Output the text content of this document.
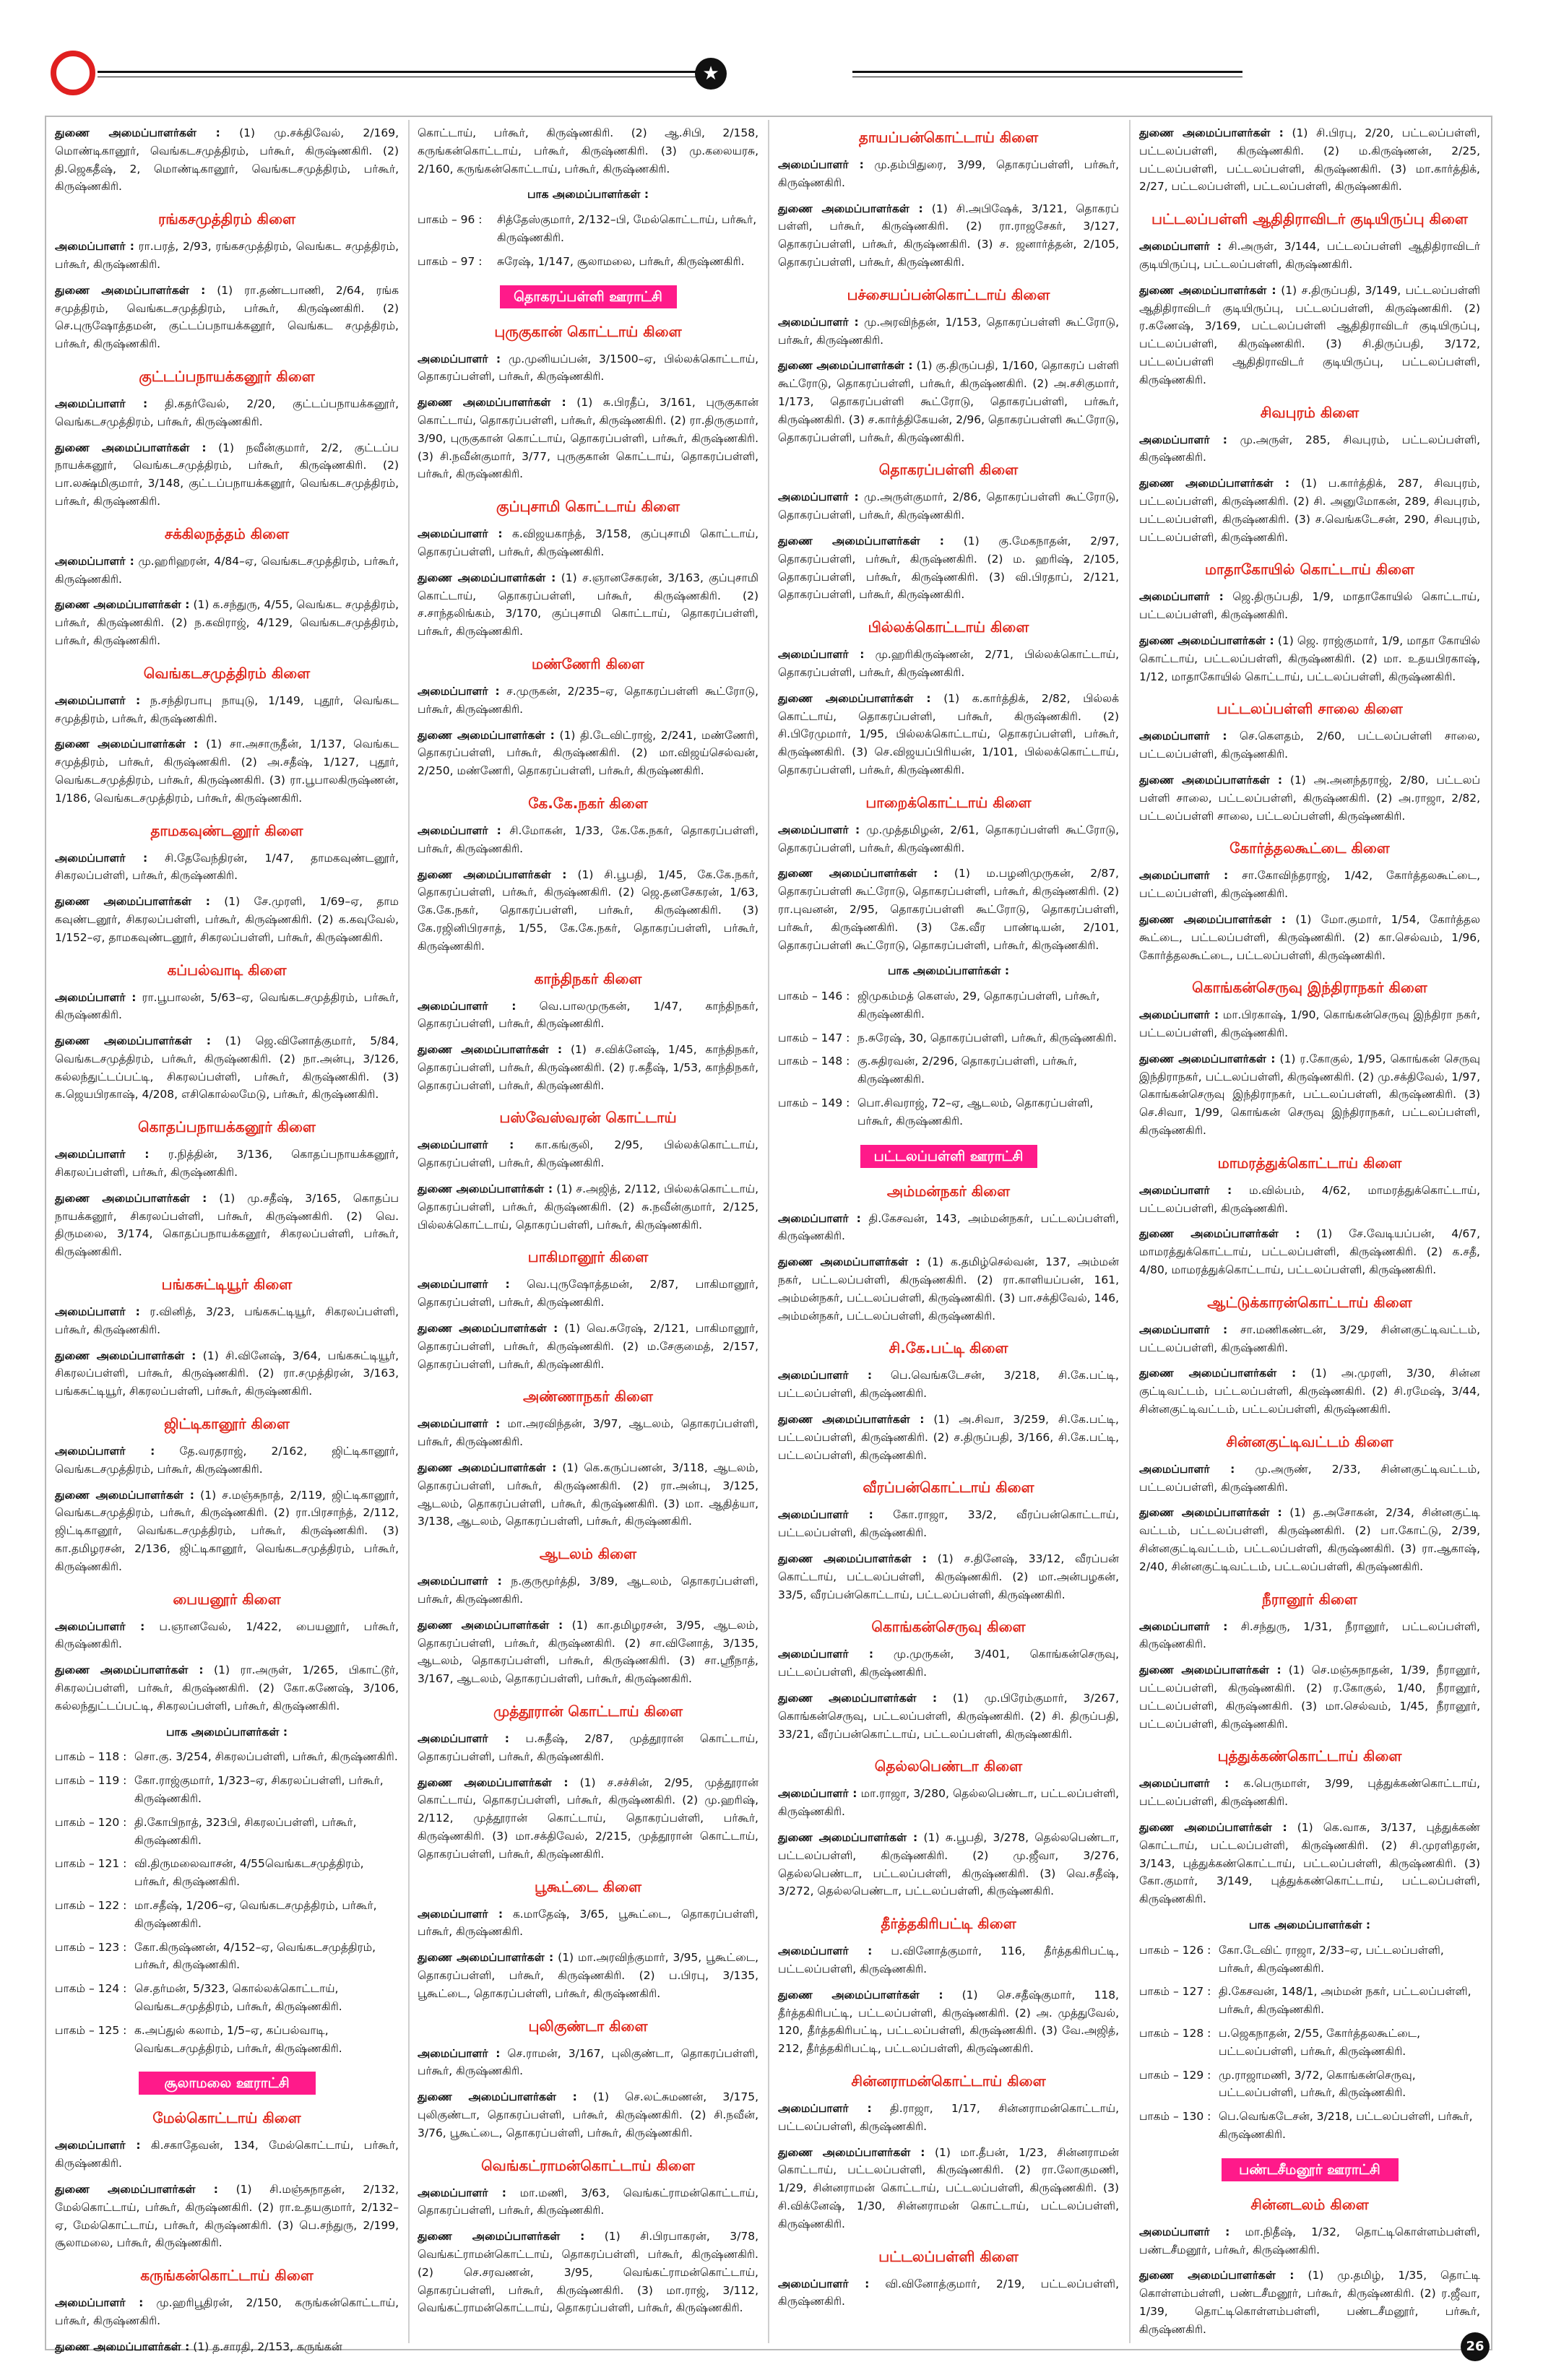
★

துணை அமைப்பாளர்கள் : (1) மு.சக்திவேல், 2/169, மொண்டிகானூர், வெங்கடசமுத்திரம், பர்கூர், கிருஷ்ணகிரி. (2) தி.ஜெகதீஷ், 2, மொண்டிகானூர், வெங்கடசமுத்திரம், பர்கூர், கிருஷ்ணகிரி.

ரங்கசமுத்திரம் கிளை

அமைப்பாளர் : ரா.பரத், 2/93, ரங்கசமுத்திரம், வெங்கட சமுத்திரம், பர்கூர், கிருஷ்ணகிரி.

துணை அமைப்பாளர்கள் : (1) ரா.தண்டபாணி, 2/64, ரங்க சமுத்திரம், வெங்கடசமுத்திரம், பர்கூர், கிருஷ்ணகிரி. (2) செ.புருஷோத்தமன், குட்டப்பநாயக்கனூர், வெங்கட சமுத்திரம், பர்கூர், கிருஷ்ணகிரி.

குட்டப்பநாயக்கனூர் கிளை

அமைப்பாளர் : தி.கதர்வேல், 2/20, குட்டப்பநாயக்கனூர், வெங்கடசமுத்திரம், பர்கூர், கிருஷ்ணகிரி.

துணை அமைப்பாளர்கள் : (1) நவீன்குமார், 2/2, குட்டப்ப நாயக்கனூர், வெங்கடசமுத்திரம், பர்கூர், கிருஷ்ணகிரி. (2) பா.லக்ஷ்மிகுமார், 3/148, குட்டப்பநாயக்கனூர், வெங்கடசமுத்திரம், பர்கூர், கிருஷ்ணகிரி.

சக்கிலநத்தம் கிளை

அமைப்பாளர் : மு.ஹரிஹரன், 4/84–ஏ, வெங்கடசமுத்திரம், பர்கூர், கிருஷ்ணகிரி.

துணை அமைப்பாளர்கள் : (1) க.சந்துரு, 4/55, வெங்கட சமுத்திரம், பர்கூர், கிருஷ்ணகிரி. (2) ந.கவிராஜ், 4/129, வெங்கடசமுத்திரம், பர்கூர், கிருஷ்ணகிரி.

வெங்கடசமுத்திரம் கிளை

அமைப்பாளர் : ந.சந்திரபாபு நாயுடு, 1/149, புதூர், வெங்கட சமுத்திரம், பர்கூர், கிருஷ்ணகிரி.

துணை அமைப்பாளர்கள் : (1) சா.அசாருதீன், 1/137, வெங்கட சமுத்திரம், பர்கூர், கிருஷ்ணகிரி. (2) அ.சதீஷ், 1/127, புதூர், வெங்கடசமுத்திரம், பர்கூர், கிருஷ்ணகிரி. (3) ரா.பூபாலகிருஷ்ணன், 1/186, வெங்கடசமுத்திரம், பர்கூர், கிருஷ்ணகிரி.

தாமகவுண்டனூர் கிளை

அமைப்பாளர் : சி.தேவேந்திரன், 1/47, தாமகவுண்டனூர், சிகரலப்பள்ளி, பர்கூர், கிருஷ்ணகிரி.

துணை அமைப்பாளர்கள் : (1) சே.முரளி, 1/69–ஏ, தாம கவுண்டனூர், சிகரலப்பள்ளி, பர்கூர், கிருஷ்ணகிரி. (2) க.கவுவேல், 1/152–ஏ, தாமகவுண்டனூர், சிகரலப்பள்ளி, பர்கூர், கிருஷ்ணகிரி.

கப்பல்வாடி கிளை

அமைப்பாளர் : ரா.பூபாலன், 5/63–ஏ, வெங்கடசமுத்திரம், பர்கூர், கிருஷ்ணகிரி.

துணை அமைப்பாளர்கள் : (1) ஜெ.வினோத்குமார், 5/84, வெங்கடசமுத்திரம், பர்கூர், கிருஷ்ணகிரி. (2) நா.அன்பு, 3/126, கல்லந்துட்டப்பட்டி, சிகரலப்பள்ளி, பர்கூர், கிருஷ்ணகிரி. (3) க.ஜெயபிரகாஷ், 4/208, எசிகொல்லமேடு, பர்கூர், கிருஷ்ணகிரி.

கொதப்பநாயக்கனூர் கிளை

அமைப்பாளர் : ர.நித்தின், 3/136, கொதப்பநாயக்கனூர், சிகரலப்பள்ளி, பர்கூர், கிருஷ்ணகிரி.

துணை அமைப்பாளர்கள் : (1) மு.சதீஷ், 3/165, கொதப்ப நாயக்கனூர், சிகரலப்பள்ளி, பர்கூர், கிருஷ்ணகிரி. (2) வெ. திருமலை, 3/174, கொதப்பநாயக்கனூர், சிகரலப்பள்ளி, பர்கூர், கிருஷ்ணகிரி.

பங்கசுட்டியூர் கிளை

அமைப்பாளர் : ர.வினித், 3/23, பங்கசுட்டியூர், சிகரலப்பள்ளி, பர்கூர், கிருஷ்ணகிரி.

துணை அமைப்பாளர்கள் : (1) சி.வினேஷ், 3/64, பங்கசுட்டியூர், சிகரலப்பள்ளி, பர்கூர், கிருஷ்ணகிரி. (2) ரா.சமுத்திரன், 3/163, பங்கசுட்டியூர், சிகரலப்பள்ளி, பர்கூர், கிருஷ்ணகிரி.

ஜிட்டிகானூர் கிளை

அமைப்பாளர் : தே.வரதராஜ், 2/162, ஜிட்டிகானூர், வெங்கடசமுத்திரம், பர்கூர், கிருஷ்ணகிரி.

துணை அமைப்பாளர்கள் : (1) ச.மஞ்சுநாத், 2/119, ஜிட்டிகானூர், வெங்கடசமுத்திரம், பர்கூர், கிருஷ்ணகிரி. (2) ரா.பிரசாந்த், 2/112, ஜிட்டிகானூர், வெங்கடசமுத்திரம், பர்கூர், கிருஷ்ணகிரி. (3) கா.தமிழரசன், 2/136, ஜிட்டிகானூர், வெங்கடசமுத்திரம், பர்கூர், கிருஷ்ணகிரி.

பையனூர் கிளை

அமைப்பாளர் : ப.ஞானவேல், 1/422, பையனூர், பர்கூர், கிருஷ்ணகிரி.

துணை அமைப்பாளர்கள் : (1) ரா.அருள், 1/265, பிகாட்டூர், சிகரலப்பள்ளி, பர்கூர், கிருஷ்ணகிரி. (2) கோ.கணேஷ், 3/106, கல்லந்துட்டப்பட்டி, சிகரலப்பள்ளி, பர்கூர், கிருஷ்ணகிரி.

பாக அமைப்பாளர்கள் :
பாகம் – 118 : சொ.கு. 3/254, சிகரலப்பள்ளி, பர்கூர், கிருஷ்ணகிரி.
பாகம் – 119 : கோ.ராஜ்குமார், 1/323–ஏ, சிகரலப்பள்ளி, பர்கூர், கிருஷ்ணகிரி.
பாகம் – 120 : தி.கோபிநாத், 323பி, சிகரலப்பள்ளி, பர்கூர், கிருஷ்ணகிரி.
பாகம் – 121 : வி.திருமலைவாசன், 4/55வெங்கடசமுத்திரம், பர்கூர், கிருஷ்ணகிரி.
பாகம் – 122 : மா.சதீஷ், 1/206–ஏ, வெங்கடசமுத்திரம், பர்கூர், கிருஷ்ணகிரி.
பாகம் – 123 : கோ.கிருஷ்ணன், 4/152–ஏ, வெங்கடசமுத்திரம், பர்கூர், கிருஷ்ணகிரி.
பாகம் – 124 : செ.தர்மன், 5/323, கொல்லக்கொட்டாய், வெங்கடசமுத்திரம், பர்கூர், கிருஷ்ணகிரி.
பாகம் – 125 : க.அப்துல் கலாம், 1/5–ஏ, கப்பல்வாடி, வெங்கடசமுத்திரம், பர்கூர், கிருஷ்ணகிரி.
சூலாமலை ஊராட்சி
மேல்கொட்டாய் கிளை

அமைப்பாளர் : கி.சகாதேவன், 134, மேல்கொட்டாய், பர்கூர், கிருஷ்ணகிரி.

துணை அமைப்பாளர்கள் : (1) சி.மஞ்சுநாதன், 2/132, மேல்கொட்டாய், பர்கூர், கிருஷ்ணகிரி. (2) ரா.உதயகுமார், 2/132–ஏ, மேல்கொட்டாய், பர்கூர், கிருஷ்ணகிரி. (3) பெ.சந்துரு, 2/199, சூலாமலை, பர்கூர், கிருஷ்ணகிரி.

கருங்கன்கொட்டாய் கிளை

அமைப்பாளர் : மு.ஹரிபூதிரன், 2/150, கருங்கன்கொட்டாய், பர்கூர், கிருஷ்ணகிரி.

துணை அமைப்பாளர்கள் : (1) த.சாரதி, 2/153, கருங்கன்

கொட்டாய், பர்கூர், கிருஷ்ணகிரி. (2) ஆ.சிபி, 2/158, கருங்கன்கொட்டாய், பர்கூர், கிருஷ்ணகிரி. (3) மு.கலையரசு, 2/160, கருங்கன்கொட்டாய், பர்கூர், கிருஷ்ணகிரி.

பாக அமைப்பாளர்கள் :
பாகம் – 96 :	சித்தேஸ்குமார், 2/132–பி, மேல்கொட்டாய், பர்கூர், கிருஷ்ணகிரி.
பாகம் – 97 :	சுரேஷ், 1/147, சூலாமலை, பர்கூர், கிருஷ்ணகிரி.
தொகரப்பள்ளி ஊராட்சி
புருகுகான் கொட்டாய் கிளை

அமைப்பாளர் : மு.முனியப்பன், 3/1500–ஏ, பில்லக்கொட்டாய், தொகரப்பள்ளி, பர்கூர், கிருஷ்ணகிரி.

துணை அமைப்பாளர்கள் : (1) சு.பிரதீப், 3/161, புருகுகான் கொட்டாய், தொகரப்பள்ளி, பர்கூர், கிருஷ்ணகிரி. (2) ரா.திருகுமார், 3/90, புருகுகான் கொட்டாய், தொகரப்பள்ளி, பர்கூர், கிருஷ்ணகிரி. (3) சி.நவீன்குமார், 3/77, புருகுகான் கொட்டாய், தொகரப்பள்ளி, பர்கூர், கிருஷ்ணகிரி.

குப்புசாமி கொட்டாய் கிளை

அமைப்பாளர் : க.விஜயகாந்த், 3/158, குப்புசாமி கொட்டாய், தொகரப்பள்ளி, பர்கூர், கிருஷ்ணகிரி.

துணை அமைப்பாளர்கள் : (1) ச.ஞானசேகரன், 3/163, குப்புசாமி கொட்டாய், தொகரப்பள்ளி, பர்கூர், கிருஷ்ணகிரி. (2) ச.சாந்தலிங்கம், 3/170, குப்புசாமி கொட்டாய், தொகரப்பள்ளி, பர்கூர், கிருஷ்ணகிரி.

மண்ணேரி கிளை

அமைப்பாளர் : ச.முருகன், 2/235–ஏ, தொகரப்பள்ளி கூட்ரோடு, பர்கூர், கிருஷ்ணகிரி.

துணை அமைப்பாளர்கள் : (1) தி.டேவிட்ராஜ், 2/241, மண்ணேரி, தொகரப்பள்ளி, பர்கூர், கிருஷ்ணகிரி. (2) மா.விஜய்செல்வன், 2/250, மண்ணேரி, தொகரப்பள்ளி, பர்கூர், கிருஷ்ணகிரி.

கே.கே.நகர் கிளை

அமைப்பாளர் : சி.மோகன், 1/33, கே.கே.நகர், தொகரப்பள்ளி, பர்கூர், கிருஷ்ணகிரி.

துணை அமைப்பாளர்கள் : (1) சி.பூபதி, 1/45, கே.கே.நகர், தொகரப்பள்ளி, பர்கூர், கிருஷ்ணகிரி. (2) ஜெ.தனசேகரன், 1/63, கே.கே.நகர், தொகரப்பள்ளி, பர்கூர், கிருஷ்ணகிரி. (3) கே.ரஜினிபிரசாத், 1/55, கே.கே.நகர், தொகரப்பள்ளி, பர்கூர், கிருஷ்ணகிரி.

காந்திநகர் கிளை

அமைப்பாளர் : வெ.பாலமுருகன், 1/47, காந்திநகர், தொகரப்பள்ளி, பர்கூர், கிருஷ்ணகிரி.

துணை அமைப்பாளர்கள் : (1) ச.விக்னேஷ், 1/45, காந்திநகர், தொகரப்பள்ளி, பர்கூர், கிருஷ்ணகிரி. (2) ர.கதீஷ், 1/53, காந்திநகர், தொகரப்பள்ளி, பர்கூர், கிருஷ்ணகிரி.

பஸ்வேஸ்வரன் கொட்டாய்

அமைப்பாளர் : கா.கங்குலி, 2/95, பில்லக்கொட்டாய், தொகரப்பள்ளி, பர்கூர், கிருஷ்ணகிரி.

துணை அமைப்பாளர்கள் : (1) ச.அஜித், 2/112, பில்லக்கொட்டாய், தொகரப்பள்ளி, பர்கூர், கிருஷ்ணகிரி. (2) சு.நவீன்குமார், 2/125, பில்லக்கொட்டாய், தொகரப்பள்ளி, பர்கூர், கிருஷ்ணகிரி.

பாகிமானூர் கிளை

அமைப்பாளர் : வெ.புருஷோத்தமன், 2/87, பாகிமானூர், தொகரப்பள்ளி, பர்கூர், கிருஷ்ணகிரி.

துணை அமைப்பாளர்கள் : (1) வெ.சுரேஷ், 2/121, பாகிமானூர், தொகரப்பள்ளி, பர்கூர், கிருஷ்ணகிரி. (2) ம.சேகுமைத், 2/157, தொகரப்பள்ளி, பர்கூர், கிருஷ்ணகிரி.

அண்ணாநகர் கிளை

அமைப்பாளர் : மா.அரவிந்தன், 3/97, ஆடலம், தொகரப்பள்ளி, பர்கூர், கிருஷ்ணகிரி.

துணை அமைப்பாளர்கள் : (1) கெ.கருப்பணன், 3/118, ஆடலம், தொகரப்பள்ளி, பர்கூர், கிருஷ்ணகிரி. (2) ரா.அன்பு, 3/125, ஆடலம், தொகரப்பள்ளி, பர்கூர், கிருஷ்ணகிரி. (3) மா. ஆதித்யா, 3/138, ஆடலம், தொகரப்பள்ளி, பர்கூர், கிருஷ்ணகிரி.

ஆடலம் கிளை

அமைப்பாளர் : ந.குருமூர்த்தி, 3/89, ஆடலம், தொகரப்பள்ளி, பர்கூர், கிருஷ்ணகிரி.

துணை அமைப்பாளர்கள் : (1) கா.தமிழரசன், 3/95, ஆடலம், தொகரப்பள்ளி, பர்கூர், கிருஷ்ணகிரி. (2) சா.வினோத், 3/135, ஆடலம், தொகரப்பள்ளி, பர்கூர், கிருஷ்ணகிரி. (3) சா.ஸ்ரீநாத், 3/167, ஆடலம், தொகரப்பள்ளி, பர்கூர், கிருஷ்ணகிரி.

முத்தூரான் கொட்டாய் கிளை

அமைப்பாளர் : ப.சுதீஷ், 2/87, முத்தூரான் கொட்டாய், தொகரப்பள்ளி, பர்கூர், கிருஷ்ணகிரி.

துணை அமைப்பாளர்கள் : (1) ச.சச்சின், 2/95, முத்தூரான் கொட்டாய், தொகரப்பள்ளி, பர்கூர், கிருஷ்ணகிரி. (2) மு.ஹரிஷ், 2/112, முத்தூரான் கொட்டாய், தொகரப்பள்ளி, பர்கூர், கிருஷ்ணகிரி. (3) மா.சக்திவேல், 2/215, முத்தூரான் கொட்டாய், தொகரப்பள்ளி, பர்கூர், கிருஷ்ணகிரி.

பூகூட்டை கிளை

அமைப்பாளர் : க.மாதேஷ், 3/65, பூகூட்டை, தொகரப்பள்ளி, பர்கூர், கிருஷ்ணகிரி.

துணை அமைப்பாளர்கள் : (1) மா.அரவிந்குமார், 3/95, பூகூட்டை, தொகரப்பள்ளி, பர்கூர், கிருஷ்ணகிரி. (2) ப.பிரபு, 3/135, பூகூட்டை, தொகரப்பள்ளி, பர்கூர், கிருஷ்ணகிரி.

புலிகுண்டா கிளை

அமைப்பாளர் : செ.ராமன், 3/167, புலிகுண்டா, தொகரப்பள்ளி, பர்கூர், கிருஷ்ணகிரி.

துணை அமைப்பாளர்கள் : (1) செ.லட்சுமணன், 3/175, புலிகுண்டா, தொகரப்பள்ளி, பர்கூர், கிருஷ்ணகிரி. (2) சி.நவீன், 3/76, பூகூட்டை, தொகரப்பள்ளி, பர்கூர், கிருஷ்ணகிரி.

வெங்கட்ராமன்கொட்டாய் கிளை

அமைப்பாளர் : மா.மணி, 3/63, வெங்கட்ராமன்கொட்டாய், தொகரப்பள்ளி, பர்கூர், கிருஷ்ணகிரி.

துணை அமைப்பாளர்கள் : (1) சி.பிரபாகரன், 3/78, வெங்கட்ராமன்கொட்டாய், தொகரப்பள்ளி, பர்கூர், கிருஷ்ணகிரி. (2) செ.சரவணன், 3/95, வெங்கட்ராமன்கொட்டாய், தொகரப்பள்ளி, பர்கூர், கிருஷ்ணகிரி. (3) மா.ராஜ், 3/112, வெங்கட்ராமன்கொட்டாய், தொகரப்பள்ளி, பர்கூர், கிருஷ்ணகிரி.

தாயப்பன்கொட்டாய் கிளை

அமைப்பாளர் : மு.தம்பிதுரை, 3/99, தொகரப்பள்ளி, பர்கூர், கிருஷ்ணகிரி.

துணை அமைப்பாளர்கள் : (1) சி.அபிஷேக், 3/121, தொகரப் பள்ளி, பர்கூர், கிருஷ்ணகிரி. (2) ரா.ராஜசேகர், 3/127, தொகரப்பள்ளி, பர்கூர், கிருஷ்ணகிரி. (3) ச. ஜனார்த்தன், 2/105, தொகரப்பள்ளி, பர்கூர், கிருஷ்ணகிரி.

பச்சையப்பன்கொட்டாய் கிளை

அமைப்பாளர் : மு.அரவிந்தன், 1/153, தொகரப்பள்ளி கூட்ரோடு, பர்கூர், கிருஷ்ணகிரி.

துணை அமைப்பாளர்கள் : (1) கு.திருப்பதி, 1/160, தொகரப் பள்ளி கூட்ரோடு, தொகரப்பள்ளி, பர்கூர், கிருஷ்ணகிரி. (2) அ.சசிகுமார், 1/173, தொகரப்பள்ளி கூட்ரோடு, தொகரப்பள்ளி, பர்கூர், கிருஷ்ணகிரி. (3) ச.கார்த்திகேயன், 2/96, தொகரப்பள்ளி கூட்ரோடு, தொகரப்பள்ளி, பர்கூர், கிருஷ்ணகிரி.

தொகரப்பள்ளி கிளை

அமைப்பாளர் : மு.அருள்குமார், 2/86, தொகரப்பள்ளி கூட்ரோடு, தொகரப்பள்ளி, பர்கூர், கிருஷ்ணகிரி.

துணை அமைப்பாளர்கள் : (1) கு.மேகநாதன், 2/97, தொகரப்பள்ளி, பர்கூர், கிருஷ்ணகிரி. (2) ம. ஹரிஷ், 2/105, தொகரப்பள்ளி, பர்கூர், கிருஷ்ணகிரி. (3) வி.பிரதாப், 2/121, தொகரப்பள்ளி, பர்கூர், கிருஷ்ணகிரி.

பில்லக்கொட்டாய் கிளை

அமைப்பாளர் : மு.ஹரிகிருஷ்ணன், 2/71, பில்லக்கொட்டாய், தொகரப்பள்ளி, பர்கூர், கிருஷ்ணகிரி.

துணை அமைப்பாளர்கள் : (1) க.கார்த்திக், 2/82, பில்லக் கொட்டாய், தொகரப்பள்ளி, பர்கூர், கிருஷ்ணகிரி. (2) சி.பிரேமுமார், 1/95, பில்லக்கொட்டாய், தொகரப்பள்ளி, பர்கூர், கிருஷ்ணகிரி. (3) செ.விஜயப்பிரியன், 1/101, பில்லக்கொட்டாய், தொகரப்பள்ளி, பர்கூர், கிருஷ்ணகிரி.

பாறைக்கொட்டாய் கிளை

அமைப்பாளர் : மு.முத்தமிழன், 2/61, தொகரப்பள்ளி கூட்ரோடு, தொகரப்பள்ளி, பர்கூர், கிருஷ்ணகிரி.

துணை அமைப்பாளர்கள் : (1) ம.பழனிமுருகன், 2/87, தொகரப்பள்ளி கூட்ரோடு, தொகரப்பள்ளி, பர்கூர், கிருஷ்ணகிரி. (2) ரா.புவனன், 2/95, தொகரப்பள்ளி கூட்ரோடு, தொகரப்பள்ளி, பர்கூர், கிருஷ்ணகிரி. (3) கே.வீர பாண்டியன், 2/101, தொகரப்பள்ளி கூட்ரோடு, தொகரப்பள்ளி, பர்கூர், கிருஷ்ணகிரி.

பாக அமைப்பாளர்கள் :
பாகம் – 146 : ஜிமுகம்மத் கௌஸ், 29, தொகரப்பள்ளி, பர்கூர், கிருஷ்ணகிரி.
பாகம் – 147 : ந.சுரேஷ், 30, தொகரப்பள்ளி, பர்கூர், கிருஷ்ணகிரி.
பாகம் – 148 : கு.சுதிரவன், 2/296, தொகரப்பள்ளி, பர்கூர், கிருஷ்ணகிரி.
பாகம் – 149 : பொ.சிவராஜ், 72–ஏ, ஆடலம், தொகரப்பள்ளி, பர்கூர், கிருஷ்ணகிரி.
பட்டலப்பள்ளி ஊராட்சி
அம்மன்நகர் கிளை

அமைப்பாளர் : தி.கேசவன், 143, அம்மன்நகர், பட்டலப்பள்ளி, கிருஷ்ணகிரி.

துணை அமைப்பாளர்கள் : (1) க.தமிழ்செல்வன், 137, அம்மன் நகர், பட்டலப்பள்ளி, கிருஷ்ணகிரி. (2) ரா.காளியப்பன், 161, அம்மன்நகர், பட்டலப்பள்ளி, கிருஷ்ணகிரி. (3) பா.சக்திவேல், 146, அம்மன்நகர், பட்டலப்பள்ளி, கிருஷ்ணகிரி.

சி.கே.பட்டி கிளை

அமைப்பாளர் : பெ.வெங்கடேசன், 3/218, சி.கே.பட்டி, பட்டலப்பள்ளி, கிருஷ்ணகிரி.

துணை அமைப்பாளர்கள் : (1) அ.சிவா, 3/259, சி.கே.பட்டி, பட்டலப்பள்ளி, கிருஷ்ணகிரி. (2) ச.திருப்பதி, 3/166, சி.கே.பட்டி, பட்டலப்பள்ளி, கிருஷ்ணகிரி.

வீரப்பன்கொட்டாய் கிளை

அமைப்பாளர் : கோ.ராஜா, 33/2, வீரப்பன்கொட்டாய், பட்டலப்பள்ளி, கிருஷ்ணகிரி.

துணை அமைப்பாளர்கள் : (1) ச.தினேஷ், 33/12, வீரப்பன் கொட்டாய், பட்டலப்பள்ளி, கிருஷ்ணகிரி. (2) மா.அன்பழகன், 33/5, வீரப்பன்கொட்டாய், பட்டலப்பள்ளி, கிருஷ்ணகிரி.

கொங்கன்செருவு கிளை

அமைப்பாளர் : மு.முருகன், 3/401, கொங்கன்செருவு, பட்டலப்பள்ளி, கிருஷ்ணகிரி.

துணை அமைப்பாளர்கள் : (1) மு.பிரேம்குமார், 3/267, கொங்கன்செருவு, பட்டலப்பள்ளி, கிருஷ்ணகிரி. (2) சி. திருப்பதி, 33/21, வீரப்பன்கொட்டாய், பட்டலப்பள்ளி, கிருஷ்ணகிரி.

தெல்லபெண்டா கிளை

அமைப்பாளர் : மா.ராஜா, 3/280, தெல்லபெண்டா, பட்டலப்பள்ளி, கிருஷ்ணகிரி.

துணை அமைப்பாளர்கள் : (1) சு.பூபதி, 3/278, தெல்லபெண்டா, பட்டலப்பள்ளி, கிருஷ்ணகிரி. (2) மு.ஜீவா, 3/276, தெல்லபெண்டா, பட்டலப்பள்ளி, கிருஷ்ணகிரி. (3) வெ.சதீஷ், 3/272, தெல்லபெண்டா, பட்டலப்பள்ளி, கிருஷ்ணகிரி.

தீர்த்தகிரிபட்டி கிளை

அமைப்பாளர் : ப.வினோத்குமார், 116, தீர்த்தகிரிபட்டி, பட்டலப்பள்ளி, கிருஷ்ணகிரி.

துணை அமைப்பாளர்கள் : (1) செ.சதீஷ்குமார், 118, தீர்த்தகிரிபட்டி, பட்டலப்பள்ளி, கிருஷ்ணகிரி. (2) அ. முத்துவேல், 120, தீர்த்தகிரிபட்டி, பட்டலப்பள்ளி, கிருஷ்ணகிரி. (3) வே.அஜித், 212, தீர்த்தகிரிபட்டி, பட்டலப்பள்ளி, கிருஷ்ணகிரி.

சின்னராமன்கொட்டாய் கிளை

அமைப்பாளர் : தி.ராஜா, 1/17, சின்னராமன்கொட்டாய், பட்டலப்பள்ளி, கிருஷ்ணகிரி.

துணை அமைப்பாளர்கள் : (1) மா.தீபன், 1/23, சின்னராமன் கொட்டாய், பட்டலப்பள்ளி, கிருஷ்ணகிரி. (2) ரா.லோகுமணி, 1/29, சின்னராமன் கொட்டாய், பட்டலப்பள்ளி, கிருஷ்ணகிரி. (3) சி.விக்னேஷ், 1/30, சின்னராமன் கொட்டாய், பட்டலப்பள்ளி, கிருஷ்ணகிரி.

பட்டலப்பள்ளி கிளை

அமைப்பாளர் : வி.வினோத்குமார், 2/19, பட்டலப்பள்ளி, கிருஷ்ணகிரி.

துணை அமைப்பாளர்கள் : (1) சி.பிரபு, 2/20, பட்டலப்பள்ளி, பட்டலப்பள்ளி, கிருஷ்ணகிரி. (2) ம.கிருஷ்ணன், 2/25, பட்டலப்பள்ளி, பட்டலப்பள்ளி, கிருஷ்ணகிரி. (3) மா.கார்த்திக், 2/27, பட்டலப்பள்ளி, பட்டலப்பள்ளி, கிருஷ்ணகிரி.

பட்டலப்பள்ளி ஆதிதிராவிடர் குடியிருப்பு கிளை

அமைப்பாளர் : சி.அருள், 3/144, பட்டலப்பள்ளி ஆதிதிராவிடர் குடியிருப்பு, பட்டலப்பள்ளி, கிருஷ்ணகிரி.

துணை அமைப்பாளர்கள் : (1) ச.திருப்பதி, 3/149, பட்டலப்பள்ளி ஆதிதிராவிடர் குடியிருப்பு, பட்டலப்பள்ளி, கிருஷ்ணகிரி. (2) ர.கணேஷ், 3/169, பட்டலப்பள்ளி ஆதிதிராவிடர் குடியிருப்பு, பட்டலப்பள்ளி, கிருஷ்ணகிரி. (3) சி.திருப்பதி, 3/172, பட்டலப்பள்ளி ஆதிதிராவிடர் குடியிருப்பு, பட்டலப்பள்ளி, கிருஷ்ணகிரி.

சிவபுரம் கிளை

அமைப்பாளர் : மு.அருள், 285, சிவபுரம், பட்டலப்பள்ளி, கிருஷ்ணகிரி.

துணை அமைப்பாளர்கள் : (1) ப.கார்த்திக், 287, சிவபுரம், பட்டலப்பள்ளி, கிருஷ்ணகிரி. (2) சி. அனுமோகன், 289, சிவபுரம், பட்டலப்பள்ளி, கிருஷ்ணகிரி. (3) ச.வெங்கடேசன், 290, சிவபுரம், பட்டலப்பள்ளி, கிருஷ்ணகிரி.

மாதாகோயில் கொட்டாய் கிளை

அமைப்பாளர் : ஜெ.திருப்பதி, 1/9, மாதாகோயில் கொட்டாய், பட்டலப்பள்ளி, கிருஷ்ணகிரி.

துணை அமைப்பாளர்கள் : (1) ஜெ. ராஜ்குமார், 1/9, மாதா கோயில் கொட்டாய், பட்டலப்பள்ளி, கிருஷ்ணகிரி. (2) மா. உதயபிரகாஷ், 1/12, மாதாகோயில் கொட்டாய், பட்டலப்பள்ளி, கிருஷ்ணகிரி.

பட்டலப்பள்ளி சாலை கிளை

அமைப்பாளர் : செ.கௌதம், 2/60, பட்டலப்பள்ளி சாலை, பட்டலப்பள்ளி, கிருஷ்ணகிரி.

துணை அமைப்பாளர்கள் : (1) அ.அனந்தராஜ், 2/80, பட்டலப் பள்ளி சாலை, பட்டலப்பள்ளி, கிருஷ்ணகிரி. (2) அ.ராஜா, 2/82, பட்டலப்பள்ளி சாலை, பட்டலப்பள்ளி, கிருஷ்ணகிரி.

கோர்த்தலகூட்டை கிளை

அமைப்பாளர் : சா.கோவிந்தராஜ், 1/42, கோர்த்தலகூட்டை, பட்டலப்பள்ளி, கிருஷ்ணகிரி.

துணை அமைப்பாளர்கள் : (1) மோ.குமார், 1/54, கோர்த்தல கூட்டை, பட்டலப்பள்ளி, கிருஷ்ணகிரி. (2) கா.செல்வம், 1/96, கோர்த்தலகூட்டை, பட்டலப்பள்ளி, கிருஷ்ணகிரி.

கொங்கன்செருவு இந்திராநகர் கிளை

அமைப்பாளர் : மா.பிரகாஷ், 1/90, கொங்கன்செருவு இந்திரா நகர், பட்டலப்பள்ளி, கிருஷ்ணகிரி.

துணை அமைப்பாளர்கள் : (1) ர.கோகுல், 1/95, கொங்கன் செருவு இந்திராநகர், பட்டலப்பள்ளி, கிருஷ்ணகிரி. (2) மு.சக்திவேல், 1/97, கொங்கன்செருவு இந்திராநகர், பட்டலப்பள்ளி, கிருஷ்ணகிரி. (3) செ.சிவா, 1/99, கொங்கன் செருவு இந்திராநகர், பட்டலப்பள்ளி, கிருஷ்ணகிரி.

மாமரத்துக்கொட்டாய் கிளை

அமைப்பாளர் : ம.வில்பம், 4/62, மாமரத்துக்கொட்டாய், பட்டலப்பள்ளி, கிருஷ்ணகிரி.

துணை அமைப்பாளர்கள் : (1) சே.வேடியப்பன், 4/67, மாமரத்துக்கொட்டாய், பட்டலப்பள்ளி, கிருஷ்ணகிரி. (2) க.சதீ, 4/80, மாமரத்துக்கொட்டாய், பட்டலப்பள்ளி, கிருஷ்ணகிரி.

ஆட்டுக்காரன்கொட்டாய் கிளை

அமைப்பாளர் : சா.மணிகண்டன், 3/29, சின்னகுட்டிவட்டம், பட்டலப்பள்ளி, கிருஷ்ணகிரி.

துணை அமைப்பாளர்கள் : (1) அ.முரளி, 3/30, சின்ன குட்டிவட்டம், பட்டலப்பள்ளி, கிருஷ்ணகிரி. (2) சி.ரமேஷ், 3/44, சின்னகுட்டிவட்டம், பட்டலப்பள்ளி, கிருஷ்ணகிரி.

சின்னகுட்டிவட்டம் கிளை

அமைப்பாளர் : மு.அருண், 2/33, சின்னகுட்டிவட்டம், பட்டலப்பள்ளி, கிருஷ்ணகிரி.

துணை அமைப்பாளர்கள் : (1) த.அசோகன், 2/34, சின்னகுட்டி வட்டம், பட்டலப்பள்ளி, கிருஷ்ணகிரி. (2) பா.கோட்டு, 2/39, சின்னகுட்டிவட்டம், பட்டலப்பள்ளி, கிருஷ்ணகிரி. (3) ரா.ஆகாஷ், 2/40, சின்னகுட்டிவட்டம், பட்டலப்பள்ளி, கிருஷ்ணகிரி.

நீரானூர் கிளை

அமைப்பாளர் : சி.சந்துரு, 1/31, நீரானூர், பட்டலப்பள்ளி, கிருஷ்ணகிரி.

துணை அமைப்பாளர்கள் : (1) செ.மஞ்சுநாதன், 1/39, நீரானூர், பட்டலப்பள்ளி, கிருஷ்ணகிரி. (2) ர.கோகுல், 1/40, நீரானூர், பட்டலப்பள்ளி, கிருஷ்ணகிரி. (3) மா.செல்வம், 1/45, நீரானூர், பட்டலப்பள்ளி, கிருஷ்ணகிரி.

புத்துக்கண்கொட்டாய் கிளை

அமைப்பாளர் : க.பெருமாள், 3/99, புத்துக்கண்கொட்டாய், பட்டலப்பள்ளி, கிருஷ்ணகிரி.

துணை அமைப்பாளர்கள் : (1) கெ.வாசு, 3/137, புத்துக்கண் கொட்டாய், பட்டலப்பள்ளி, கிருஷ்ணகிரி. (2) சி.முரளிதரன், 3/143, புத்துக்கண்கொட்டாய், பட்டலப்பள்ளி, கிருஷ்ணகிரி. (3) கோ.குமார், 3/149, புத்துக்கண்கொட்டாய், பட்டலப்பள்ளி, கிருஷ்ணகிரி.

பாக அமைப்பாளர்கள் :
பாகம் – 126 : கோ.டேவிட் ராஜா, 2/33–ஏ, பட்டலப்பள்ளி, பர்கூர், கிருஷ்ணகிரி.
பாகம் – 127 : தி.கேசவன், 148/1, அம்மன் நகர், பட்டலப்பள்ளி, பர்கூர், கிருஷ்ணகிரி.
பாகம் – 128 : ப.ஜெகநாதன், 2/55, கோர்த்தலகூட்டை, பட்டலப்பள்ளி, பர்கூர், கிருஷ்ணகிரி.
பாகம் – 129 : மு.ராஜாமணி, 3/72, கொங்கன்செருவு, பட்டலப்பள்ளி, பர்கூர், கிருஷ்ணகிரி.
பாகம் – 130 : பெ.வெங்கடேசன், 3/218, பட்டலப்பள்ளி, பர்கூர், கிருஷ்ணகிரி.
பண்டசீமனூர் ஊராட்சி
சின்னடலம் கிளை

அமைப்பாளர் : மா.நிதீஷ், 1/32, தொட்டிகொள்ளம்பள்ளி, பண்டசீமனூர், பர்கூர், கிருஷ்ணகிரி.

துணை அமைப்பாளர்கள் : (1) மு.தமிழ், 1/35, தொட்டி கொள்ளம்பள்ளி, பண்டசீமனூர், பர்கூர், கிருஷ்ணகிரி. (2) ர.ஜீவா, 1/39, தொட்டிகொள்ளம்பள்ளி, பண்டசீமனூர், பர்கூர், கிருஷ்ணகிரி.

26
